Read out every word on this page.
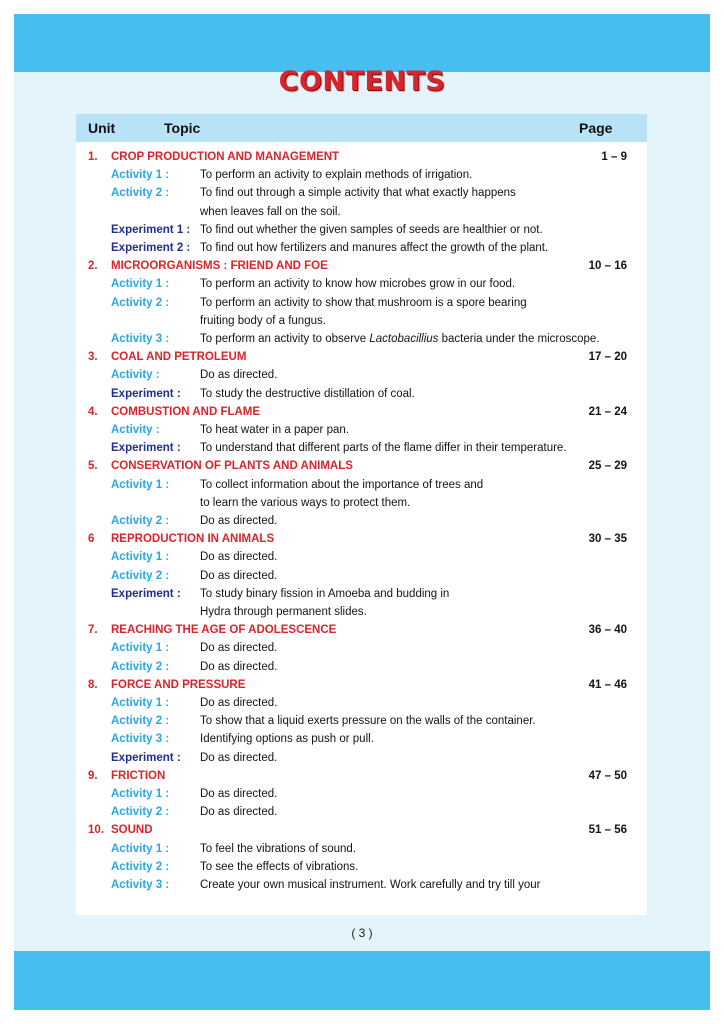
CONTENTS
Unit	Topic	Page
1. CROP PRODUCTION AND MANAGEMENT	1 – 9
Activity 1 :	To perform an activity to explain methods of irrigation.
Activity 2 :	To find out through a simple activity that what exactly happens
when leaves fall on the soil.
Experiment 1 : To find out whether the given samples of seeds are healthier or not.
Experiment 2 : To find out how fertilizers and manures affect the growth of the plant.
2. MICROORGANISMS : FRIEND AND FOE	10 – 16
Activity 1 :	To perform an activity to know how microbes grow in our food.
Activity 2 :	To perform an activity to show that mushroom is a spore bearing
fruiting body of a fungus.
Activity 3 :	To perform an activity to observe Lactobacillius bacteria under the microscope.
3. COAL AND PETROLEUM	17 – 20
Activity :	Do as directed.
Experiment : To study the destructive distillation of coal.
4. COMBUSTION AND FLAME	21 – 24
Activity :	To heat water in a paper pan.
Experiment : To understand that different parts of the flame differ in their temperature.
5. CONSERVATION OF PLANTS AND ANIMALS	25 – 29
Activity 1 :	To collect information about the importance of trees and
to learn the various ways to protect them.
Activity 2 :	Do as directed.
6 REPRODUCTION IN ANIMALS	30 – 35
Activity 1 :	Do as directed.
Activity 2 :	Do as directed.
Experiment : To study binary fission in Amoeba and budding in
Hydra through permanent slides.
7. REACHING THE AGE OF ADOLESCENCE	36 – 40
Activity 1 :	Do as directed.
Activity 2 :	Do as directed.
8. FORCE AND PRESSURE	41 – 46
Activity 1 :	Do as directed.
Activity 2 :	To show that a liquid exerts pressure on the walls of the container.
Activity 3 :	Identifying options as push or pull.
Experiment : Do as directed.
9. FRICTION	47 – 50
Activity 1 :	Do as directed.
Activity 2 :	Do as directed.
10. SOUND	51 – 56
Activity 1 :	To feel the vibrations of sound.
Activity 2 :	To see the effects of vibrations.
Activity 3 :	Create your own musical instrument. Work carefully and try till your
( 3 )
